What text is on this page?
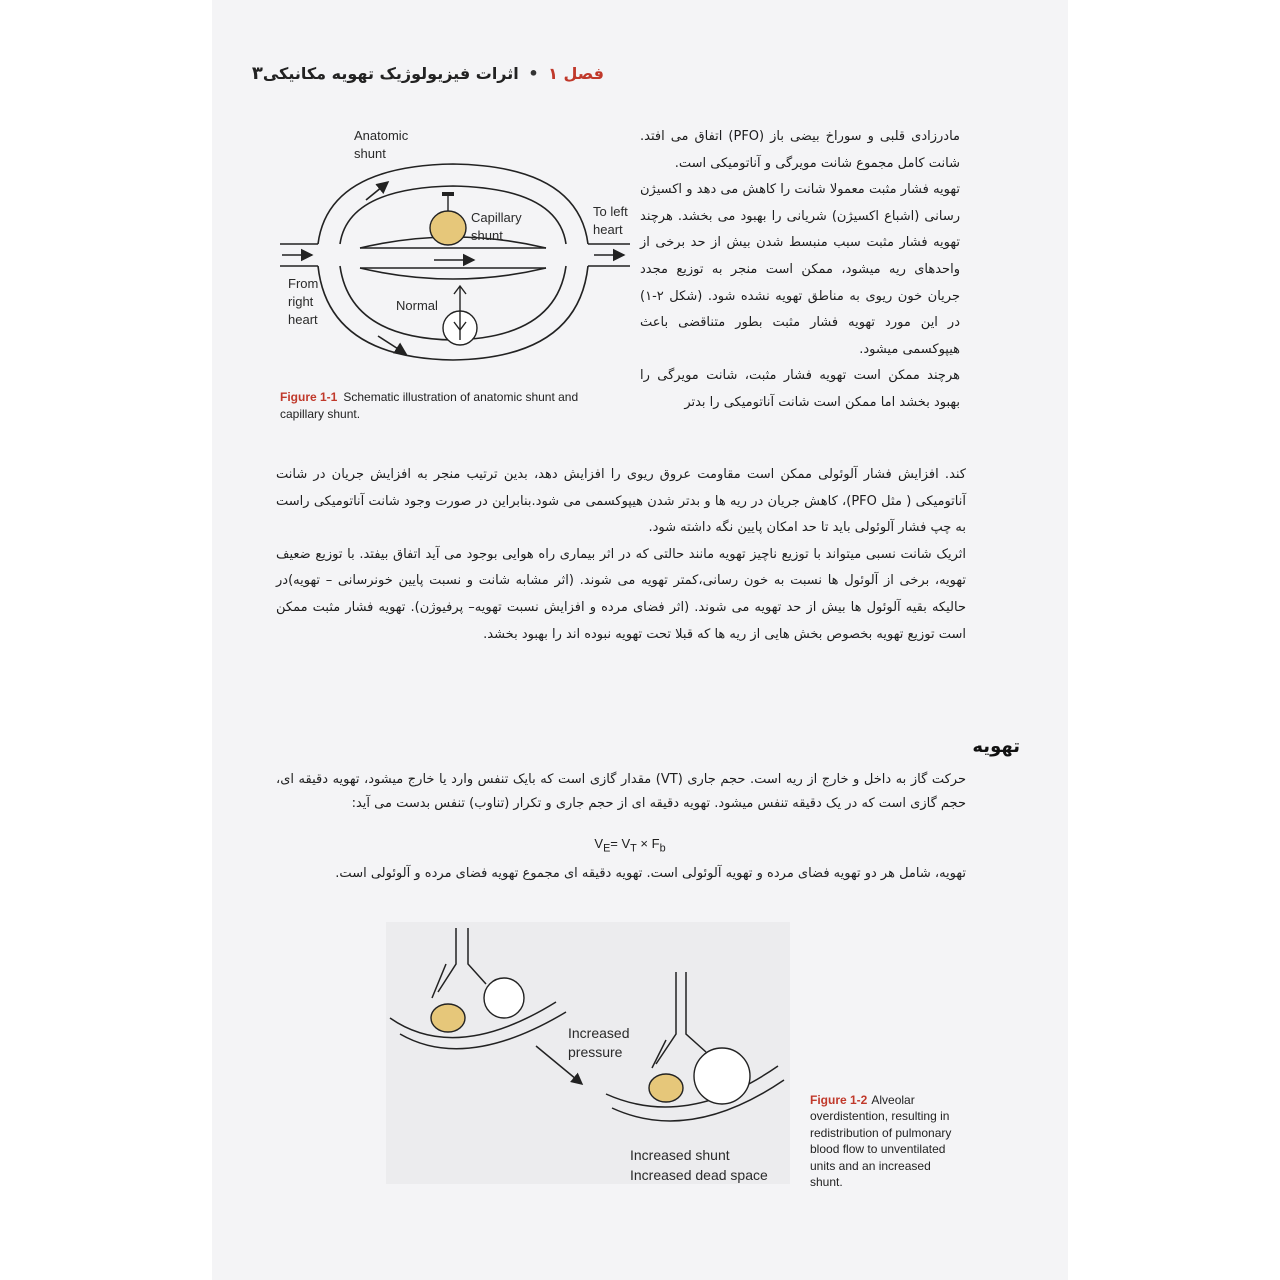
فصل ۱ • اثرات فیزیولوژیک تهویه مکانیکی
۳

مادرزادی قلبی و سوراخ بیضی باز (PFO) اتفاق می افتد. شانت کامل مجموع شانت مویرگی و آناتومیکی است.

تهویه فشار مثبت معمولا شانت را کاهش می دهد و اکسیژن رسانی (اشباع اکسیژن) شریانی را بهبود می بخشد. هرچند تهویه فشار مثبت سبب منبسط شدن بیش از حد برخی از واحدهای ریه میشود، ممکن است منجر به توزیع مجدد جریان خون ریوی به مناطق تهویه نشده شود. (شکل ۲-۱) در این مورد تهویه فشار مثبت بطور متناقضی باعث هیپوکسمی میشود.

هرچند ممکن است تهویه فشار مثبت، شانت مویرگی را بهبود بخشد اما ممکن است شانت آناتومیکی را بدتر

کند. افزایش فشار آلوئولی ممکن است مقاومت عروق ریوی را افزایش دهد، بدین ترتیب منجر به افزایش جریان در شانت آناتومیکی ( مثل PFO)، کاهش جریان در ریه ها و بدتر شدن هیپوکسمی می شود.بنابراین در صورت وجود شانت آناتومیکی راست به چپ فشار آلوئولی باید تا حد امکان پایین نگه داشته شود.

اثریک شانت نسبی میتواند با توزیع ناچیز تهویه مانند حالتی که در اثر بیماری راه هوایی بوجود می آید اتفاق بیفتد. با توزیع ضعیف تهویه، برخی از آلوئول ها نسبت به خون رسانی،کمتر تهویه می شوند. (اثر مشابه شانت و نسبت پایین خونرسانی – تهویه)در حالیکه بقیه آلوئول ها بیش از حد تهویه می شوند. (اثر فضای مرده و افزایش نسبت تهویه– پرفیوژن). تهویه فشار مثبت ممکن است توزیع تهویه بخصوص بخش هایی از ریه ها که قبلا تحت تهویه نبوده اند را بهبود بخشد.

تهویه
حرکت گاز به داخل و خارج از ریه است. حجم جاری (VT) مقدار گازی است که بایک تنفس وارد یا خارج میشود، تهویه دقیقه ای، حجم گازی است که در یک دقیقه تنفس میشود. تهویه دقیقه ای از حجم جاری و تکرار (تناوب) تنفس بدست می آید:
$V_E= V_T \times F_b$
تهویه، شامل هر دو تهویه فضای مرده و تهویه آلوئولی است. تهویه دقیقه ای مجموع تهویه فضای مرده و آلوئولی است.
Anatomic
shunt
Capillary
shunt
To left
heart
From
right
heart
Normal
Figure 1-1 Schematic illustration of anatomic shunt and capillary shunt.
Increased
pressure
Increased shunt
Increased dead space
Figure 1-2 Alveolar overdistention, resulting in redistribution of pulmonary blood flow to unventilated units and an increased shunt.
